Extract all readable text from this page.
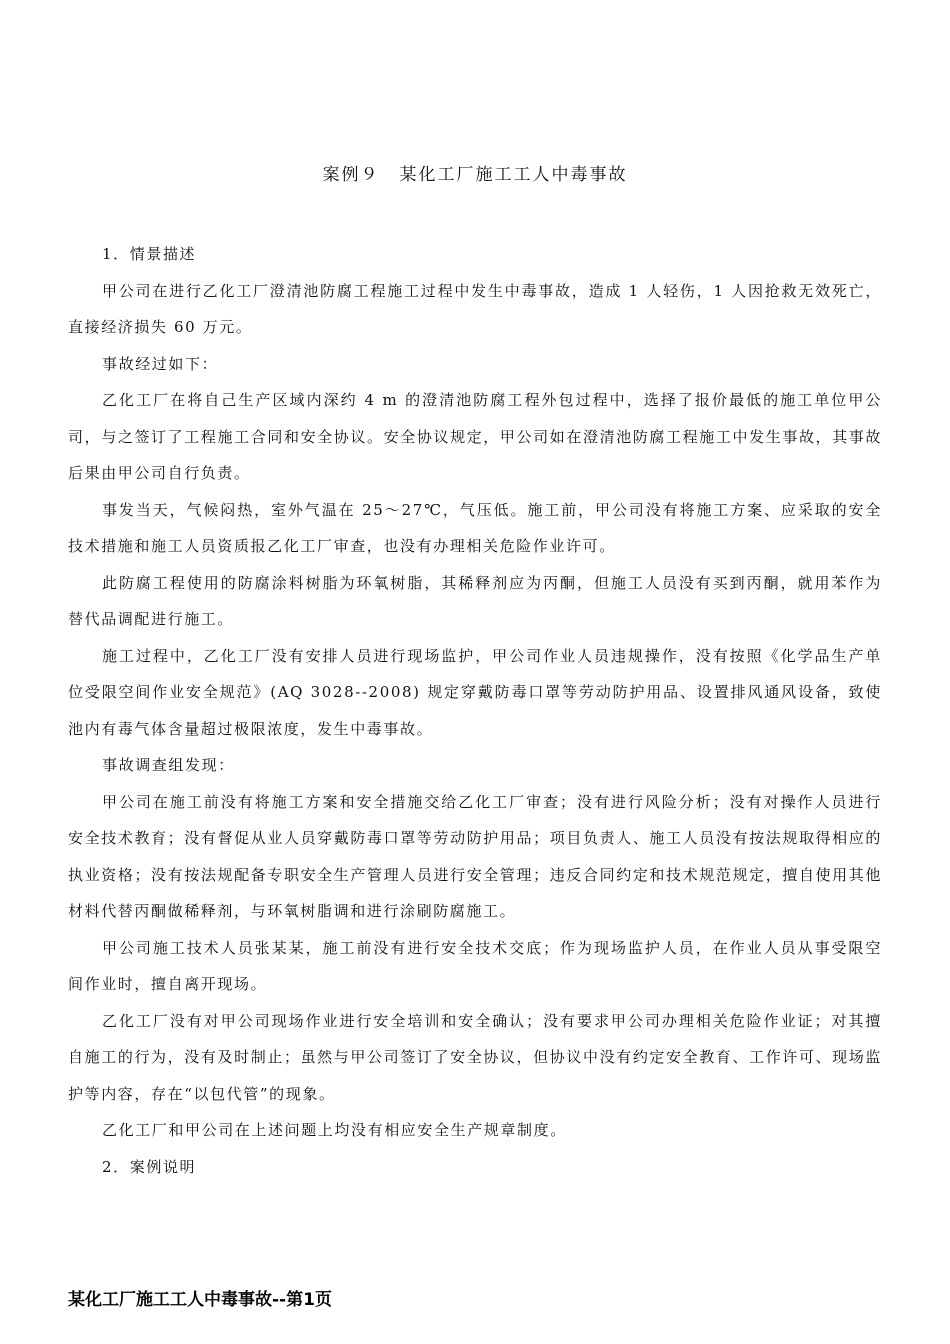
案例９ 某化工厂施工工人中毒事故

1．情景描述

甲公司在进行乙化工厂澄清池防腐工程施工过程中发生中毒事故，造成 1 人轻伤，1 人因抢救无效死亡，直接经济损失 60 万元。

事故经过如下：

乙化工厂在将自己生产区域内深约 4 m 的澄清池防腐工程外包过程中，选择了报价最低的施工单位甲公司，与之签订了工程施工合同和安全协议。安全协议规定，甲公司如在澄清池防腐工程施工中发生事故，其事故后果由甲公司自行负责。

事发当天，气候闷热，室外气温在 25～27℃，气压低。施工前，甲公司没有将施工方案、应采取的安全技术措施和施工人员资质报乙化工厂审查，也没有办理相关危险作业许可。

此防腐工程使用的防腐涂料树脂为环氧树脂，其稀释剂应为丙酮，但施工人员没有买到丙酮，就用苯作为替代品调配进行施工。

施工过程中，乙化工厂没有安排人员进行现场监护，甲公司作业人员违规操作，没有按照《化学品生产单位受限空间作业安全规范》(AQ 3028--2008) 规定穿戴防毒口罩等劳动防护用品、设置排风通风设备，致使池内有毒气体含量超过极限浓度，发生中毒事故。

事故调查组发现：

甲公司在施工前没有将施工方案和安全措施交给乙化工厂审查；没有进行风险分析；没有对操作人员进行安全技术教育；没有督促从业人员穿戴防毒口罩等劳动防护用品；项目负责人、施工人员没有按法规取得相应的执业资格；没有按法规配备专职安全生产管理人员进行安全管理；违反合同约定和技术规范规定，擅自使用其他材料代替丙酮做稀释剂，与环氧树脂调和进行涂刷防腐施工。

甲公司施工技术人员张某某，施工前没有进行安全技术交底；作为现场监护人员，在作业人员从事受限空间作业时，擅自离开现场。

乙化工厂没有对甲公司现场作业进行安全培训和安全确认；没有要求甲公司办理相关危险作业证；对其擅自施工的行为，没有及时制止；虽然与甲公司签订了安全协议，但协议中没有约定安全教育、工作许可、现场监护等内容，存在“以包代管”的现象。

乙化工厂和甲公司在上述问题上均没有相应安全生产规章制度。

2．案例说明

某化工厂施工工人中毒事故--第1页
